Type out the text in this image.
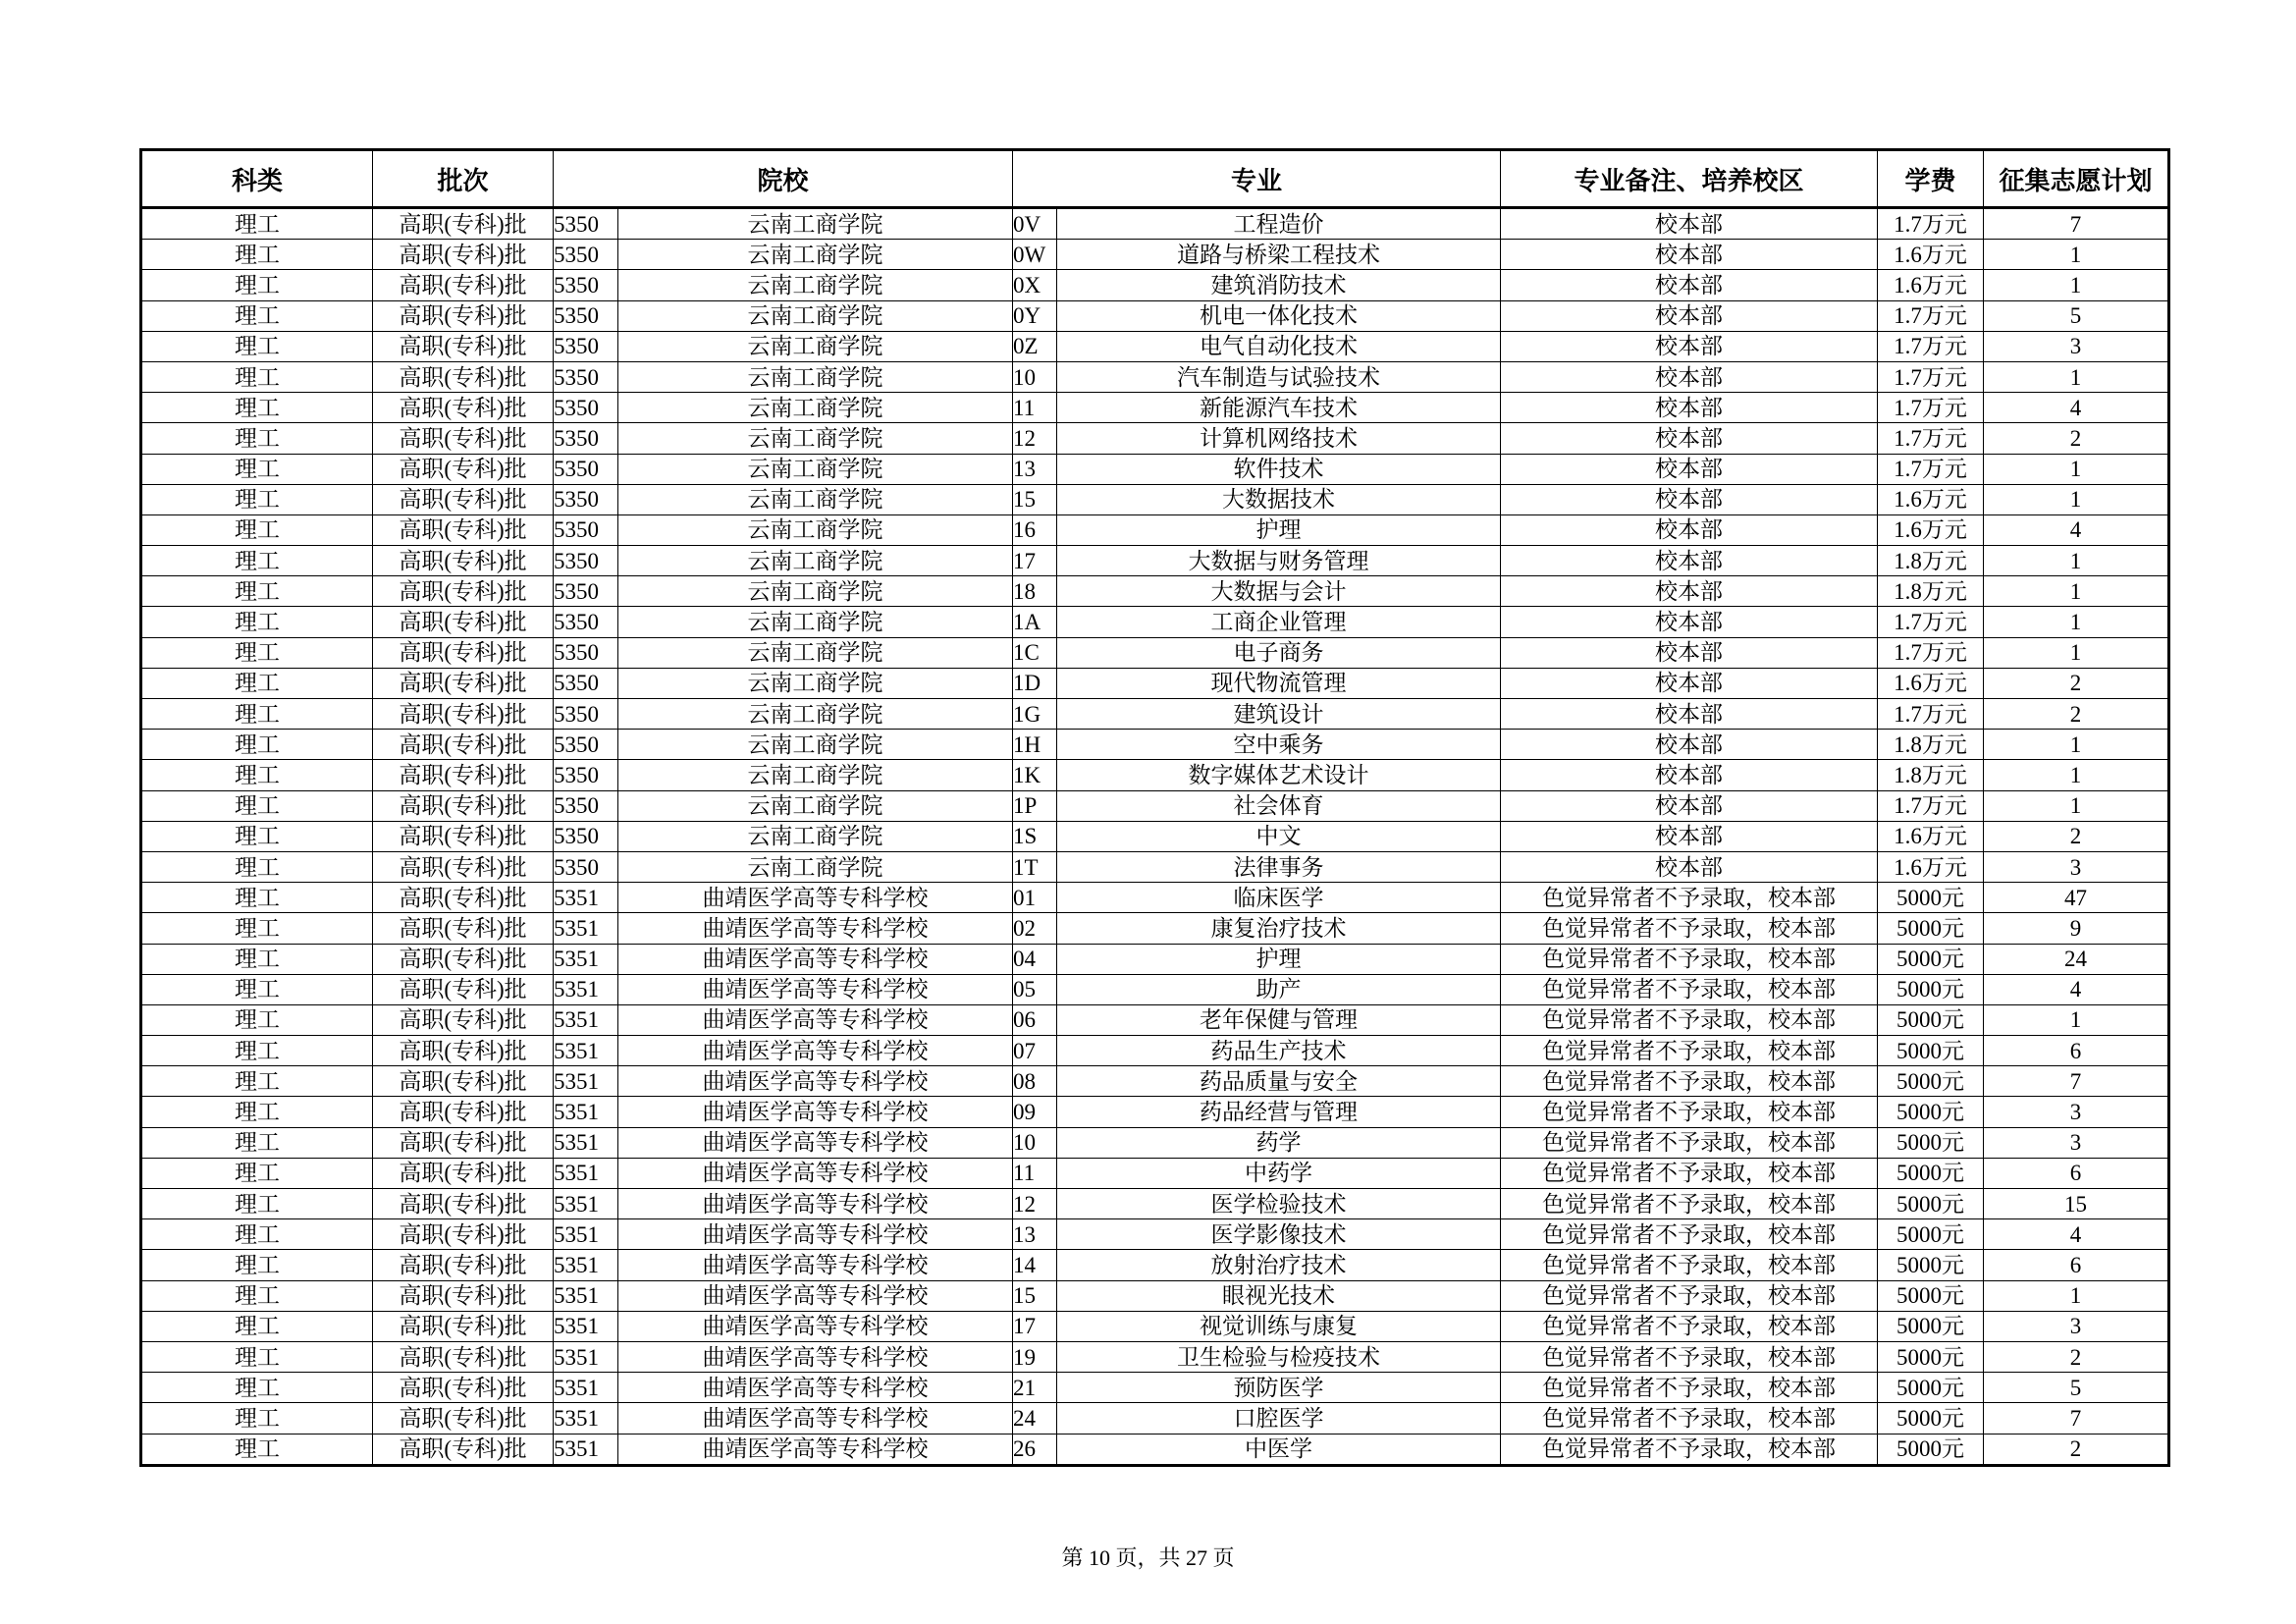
科类	批次	院校		专业		专业备注、培养校区	学费	征集志愿计划
理工	高职(专科)批	5350	云南工商学院	0V	工程造价	校本部	1.7万元	7
理工	高职(专科)批	5350	云南工商学院	0W	道路与桥梁工程技术	校本部	1.6万元	1
理工	高职(专科)批	5350	云南工商学院	0X	建筑消防技术	校本部	1.6万元	1
理工	高职(专科)批	5350	云南工商学院	0Y	机电一体化技术	校本部	1.7万元	5
理工	高职(专科)批	5350	云南工商学院	0Z	电气自动化技术	校本部	1.7万元	3
理工	高职(专科)批	5350	云南工商学院	10	汽车制造与试验技术	校本部	1.7万元	1
理工	高职(专科)批	5350	云南工商学院	11	新能源汽车技术	校本部	1.7万元	4
理工	高职(专科)批	5350	云南工商学院	12	计算机网络技术	校本部	1.7万元	2
理工	高职(专科)批	5350	云南工商学院	13	软件技术	校本部	1.7万元	1
理工	高职(专科)批	5350	云南工商学院	15	大数据技术	校本部	1.6万元	1
理工	高职(专科)批	5350	云南工商学院	16	护理	校本部	1.6万元	4
理工	高职(专科)批	5350	云南工商学院	17	大数据与财务管理	校本部	1.8万元	1
理工	高职(专科)批	5350	云南工商学院	18	大数据与会计	校本部	1.8万元	1
理工	高职(专科)批	5350	云南工商学院	1A	工商企业管理	校本部	1.7万元	1
理工	高职(专科)批	5350	云南工商学院	1C	电子商务	校本部	1.7万元	1
理工	高职(专科)批	5350	云南工商学院	1D	现代物流管理	校本部	1.6万元	2
理工	高职(专科)批	5350	云南工商学院	1G	建筑设计	校本部	1.7万元	2
理工	高职(专科)批	5350	云南工商学院	1H	空中乘务	校本部	1.8万元	1
理工	高职(专科)批	5350	云南工商学院	1K	数字媒体艺术设计	校本部	1.8万元	1
理工	高职(专科)批	5350	云南工商学院	1P	社会体育	校本部	1.7万元	1
理工	高职(专科)批	5350	云南工商学院	1S	中文	校本部	1.6万元	2
理工	高职(专科)批	5350	云南工商学院	1T	法律事务	校本部	1.6万元	3
理工	高职(专科)批	5351	曲靖医学高等专科学校	01	临床医学	色觉异常者不予录取，校本部	5000元	47
理工	高职(专科)批	5351	曲靖医学高等专科学校	02	康复治疗技术	色觉异常者不予录取，校本部	5000元	9
理工	高职(专科)批	5351	曲靖医学高等专科学校	04	护理	色觉异常者不予录取，校本部	5000元	24
理工	高职(专科)批	5351	曲靖医学高等专科学校	05	助产	色觉异常者不予录取，校本部	5000元	4
理工	高职(专科)批	5351	曲靖医学高等专科学校	06	老年保健与管理	色觉异常者不予录取，校本部	5000元	1
理工	高职(专科)批	5351	曲靖医学高等专科学校	07	药品生产技术	色觉异常者不予录取，校本部	5000元	6
理工	高职(专科)批	5351	曲靖医学高等专科学校	08	药品质量与安全	色觉异常者不予录取，校本部	5000元	7
理工	高职(专科)批	5351	曲靖医学高等专科学校	09	药品经营与管理	色觉异常者不予录取，校本部	5000元	3
理工	高职(专科)批	5351	曲靖医学高等专科学校	10	药学	色觉异常者不予录取，校本部	5000元	3
理工	高职(专科)批	5351	曲靖医学高等专科学校	11	中药学	色觉异常者不予录取，校本部	5000元	6
理工	高职(专科)批	5351	曲靖医学高等专科学校	12	医学检验技术	色觉异常者不予录取，校本部	5000元	15
理工	高职(专科)批	5351	曲靖医学高等专科学校	13	医学影像技术	色觉异常者不予录取，校本部	5000元	4
理工	高职(专科)批	5351	曲靖医学高等专科学校	14	放射治疗技术	色觉异常者不予录取，校本部	5000元	6
理工	高职(专科)批	5351	曲靖医学高等专科学校	15	眼视光技术	色觉异常者不予录取，校本部	5000元	1
理工	高职(专科)批	5351	曲靖医学高等专科学校	17	视觉训练与康复	色觉异常者不予录取，校本部	5000元	3
理工	高职(专科)批	5351	曲靖医学高等专科学校	19	卫生检验与检疫技术	色觉异常者不予录取，校本部	5000元	2
理工	高职(专科)批	5351	曲靖医学高等专科学校	21	预防医学	色觉异常者不予录取，校本部	5000元	5
理工	高职(专科)批	5351	曲靖医学高等专科学校	24	口腔医学	色觉异常者不予录取，校本部	5000元	7
理工	高职(专科)批	5351	曲靖医学高等专科学校	26	中医学	色觉异常者不予录取，校本部	5000元	2
第 10 页，共 27 页
